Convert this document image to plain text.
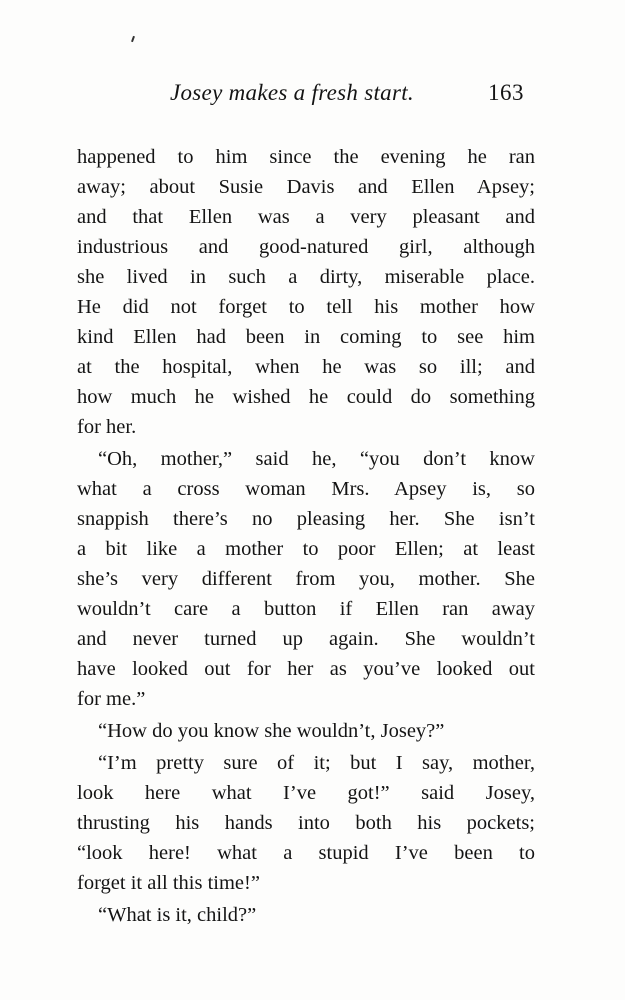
Josey makes a fresh start.	163
happened to him since the evening he ran
away; about Susie Davis and Ellen Apsey;
and that Ellen was a very pleasant and
industrious and good-natured girl, although
she lived in such a dirty, miserable place.
He did not forget to tell his mother how
kind Ellen had been in coming to see him
at the hospital, when he was so ill; and
how much he wished he could do something
for her.
“Oh, mother,” said he, “you don’t know
what a cross woman Mrs. Apsey is, so
snappish there’s no pleasing her. She isn’t
a bit like a mother to poor Ellen; at least
she’s very different from you, mother. She
wouldn’t care a button if Ellen ran away
and never turned up again. She wouldn’t
have looked out for her as you’ve looked out
for me.”
“How do you know she wouldn’t, Josey?”
“I’m pretty sure of it; but I say, mother,
look here what I’ve got!” said Josey,
thrusting his hands into both his pockets;
“look here! what a stupid I’ve been to
forget it all this time!”
“What is it, child?”
